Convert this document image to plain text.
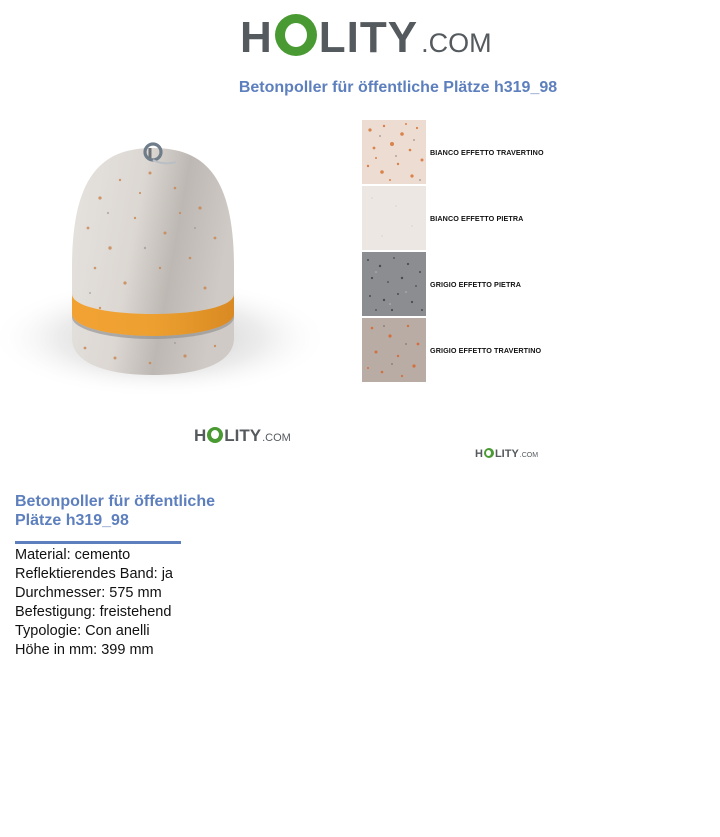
H LITY .COM
Betonpoller für öffentliche Plätze h319_98
H LITY .COM
BIANCO EFFETTO TRAVERTINO
BIANCO EFFETTO PIETRA
GRIGIO EFFETTO PIETRA
GRIGIO EFFETTO TRAVERTINO
H LITY .COM
Betonpoller für öffentliche
Plätze h319_98
Material: cemento
Reflektierendes Band: ja
Durchmesser: 575 mm
Befestigung: freistehend
Typologie: Con anelli
Höhe in mm: 399 mm
